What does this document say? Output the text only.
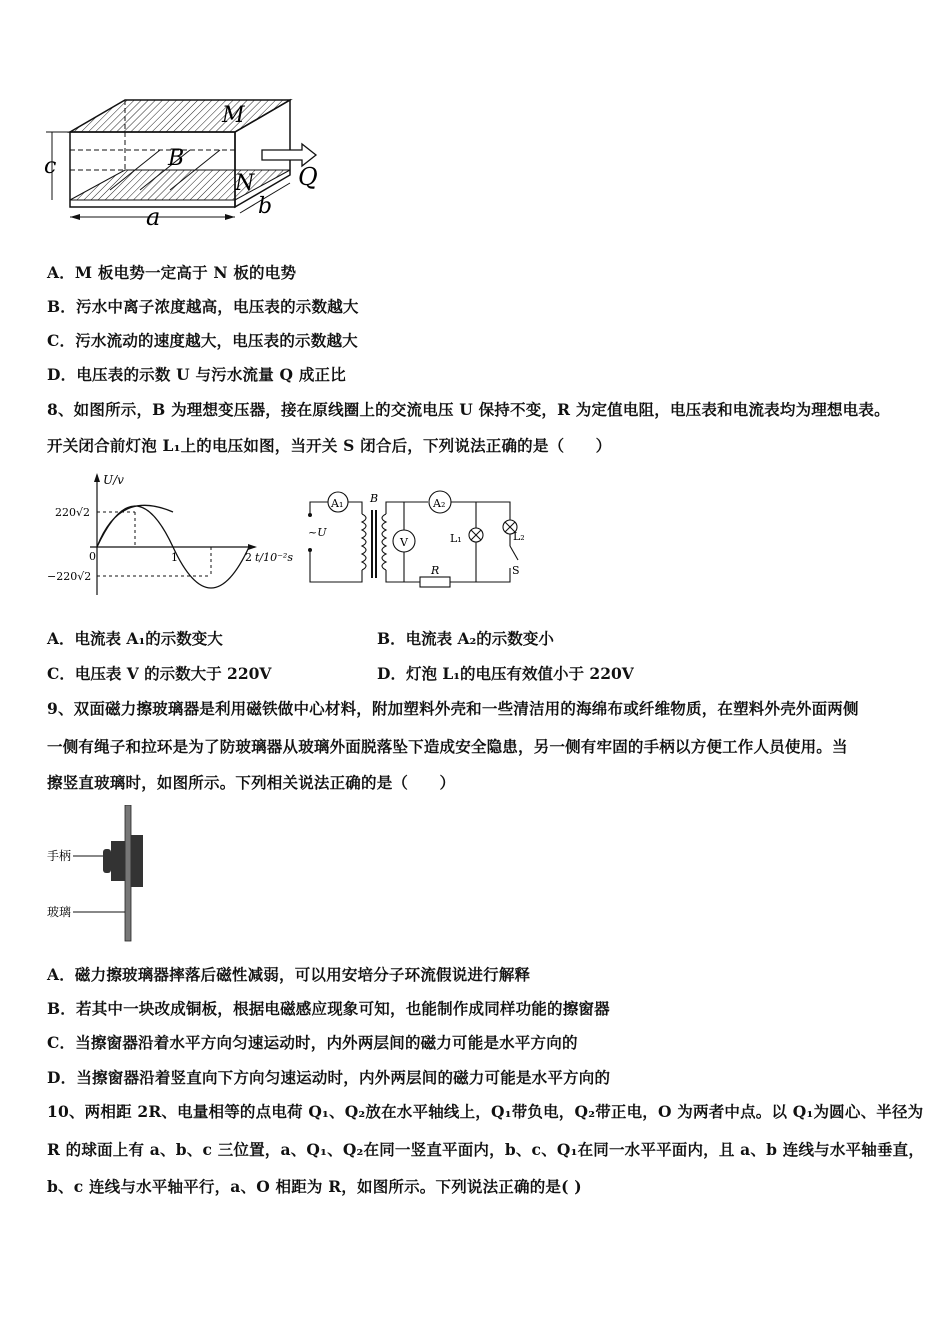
M
N
B
Q
a	b
c
A．M 板电势一定高于 N 板的电势
B．污水中离子浓度越高，电压表的示数越大
C．污水流动的速度越大，电压表的示数越大
D．电压表的示数 U 与污水流量 Q 成正比
8、如图所示，B 为理想变压器，接在原线圈上的交流电压 U 保持不变，R 为定值电阻，电压表和电流表均为理想电表。
开关闭合前灯泡 L₁上的电压如图，当开关 S 闭合后，下列说法正确的是（　　）
U/v
220√2
−220√2
0	1	2 t/10⁻²s
A₁	A₂
V
B
~U	L₁	L₂
R	S
A．电流表 A₁的示数变大	B．电流表 A₂的示数变小
C．电压表 V 的示数大于 220V	D．灯泡 L₁的电压有效值小于 220V
9、双面磁力擦玻璃器是利用磁铁做中心材料，附加塑料外壳和一些清洁用的海绵布或纤维物质，在塑料外壳外面两侧
一侧有绳子和拉环是为了防玻璃器从玻璃外面脱落坠下造成安全隐患，另一侧有牢固的手柄以方便工作人员使用。当
擦竖直玻璃时，如图所示。下列相关说法正确的是（　　）
手柄
玻璃
A．磁力擦玻璃器摔落后磁性减弱，可以用安培分子环流假说进行解释
B．若其中一块改成铜板，根据电磁感应现象可知，也能制作成同样功能的擦窗器
C．当擦窗器沿着水平方向匀速运动时，内外两层间的磁力可能是水平方向的
D．当擦窗器沿着竖直向下方向匀速运动时，内外两层间的磁力可能是水平方向的
10、两相距 2R、电量相等的点电荷 Q₁、Q₂放在水平轴线上，Q₁带负电，Q₂带正电，O 为两者中点。以 Q₁为圆心、半径为
R 的球面上有 a、b、c 三位置，a、Q₁、Q₂在同一竖直平面内，b、c、Q₁在同一水平平面内，且 a、b 连线与水平轴垂直，
b、c 连线与水平轴平行，a、O 相距为 R，如图所示。下列说法正确的是( )
